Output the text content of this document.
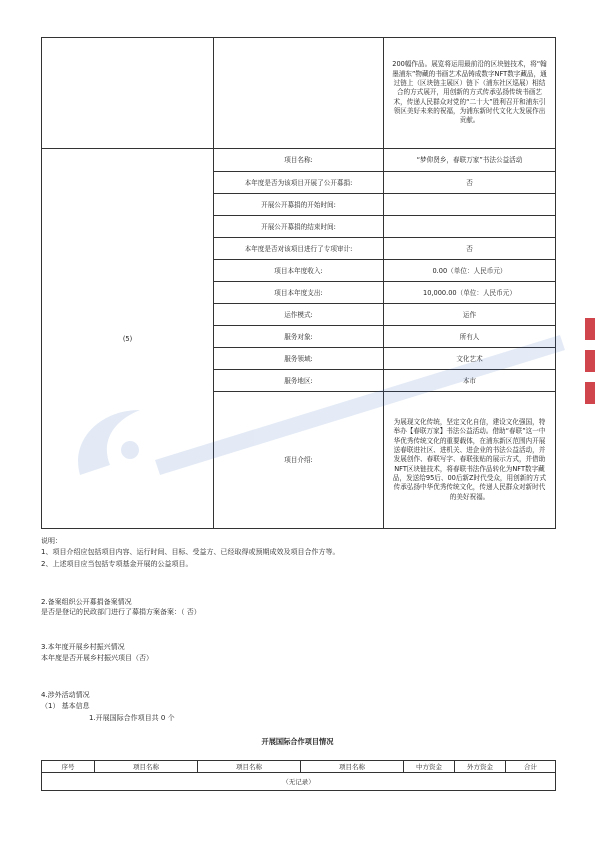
		200幅作品。展览将运用最前沿的区块链技术，将“翰墨浦东”物藏的书画艺术品铸成数字NFT数字藏品，通过链上（区块链主展区）链下（浦东社区巡展）相结合的方式展开，用创新的方式传承弘扬传统书画艺术，传递人民群众对党的“二十大”胜利召开和浦东引领区美好未来的祝福，为浦东新时代文化大发展作出贡献。
(5)	项目名称:	“梦仰贤乡，春联万家”书法公益活动
	本年度是否为该项目开展了公开募捐:	否
	开展公开募捐的开始时间:	
	开展公开募捐的结束时间:	
	本年度是否对该项目进行了专项审计:	否
	项目本年度收入:	0.00（单位：人民币元）
	项目本年度支出:	10,000.00（单位：人民币元）
	运作模式:	运作
	服务对象:	所有人
	服务领域:	文化艺术
	服务地区:	本市
	项目介绍:	为展现文化传统，坚定文化自信，建设文化强国，特举办【春联万家】书法公益活动。借助“春联”这一中华优秀传统文化的重要载体，在浦东新区范围内开展送春联进社区、进机关、进企业的书法公益活动，并发展创作、春联写字、春联张贴的展示方式，并借助NFT区块链技术，将春联书法作品转化为NFT数字藏品，发送给95后、00后新Z时代受众，用创新的方式传承弘扬中华优秀传统文化，传递人民群众对新时代的美好祝福。
说明：
1、项目介绍应包括项目内容、运行时间、目标、受益方、已经取得或预期成效及项目合作方等。
2、上述项目应当包括专项基金开展的公益项目。
2.备案组织公开募捐备案情况
是否是登记的民政部门进行了募捐方案备案：（ 否）
3.本年度开展乡村振兴情况
本年度是否开展乡村振兴项目（否）
4.涉外活动情况
（1） 基本信息
1.开展国际合作项目共 0 个
开展国际合作项目情况
序号	项目名称	项目名称	项目名称	中方资金	外方资金	合计
（无记录）
